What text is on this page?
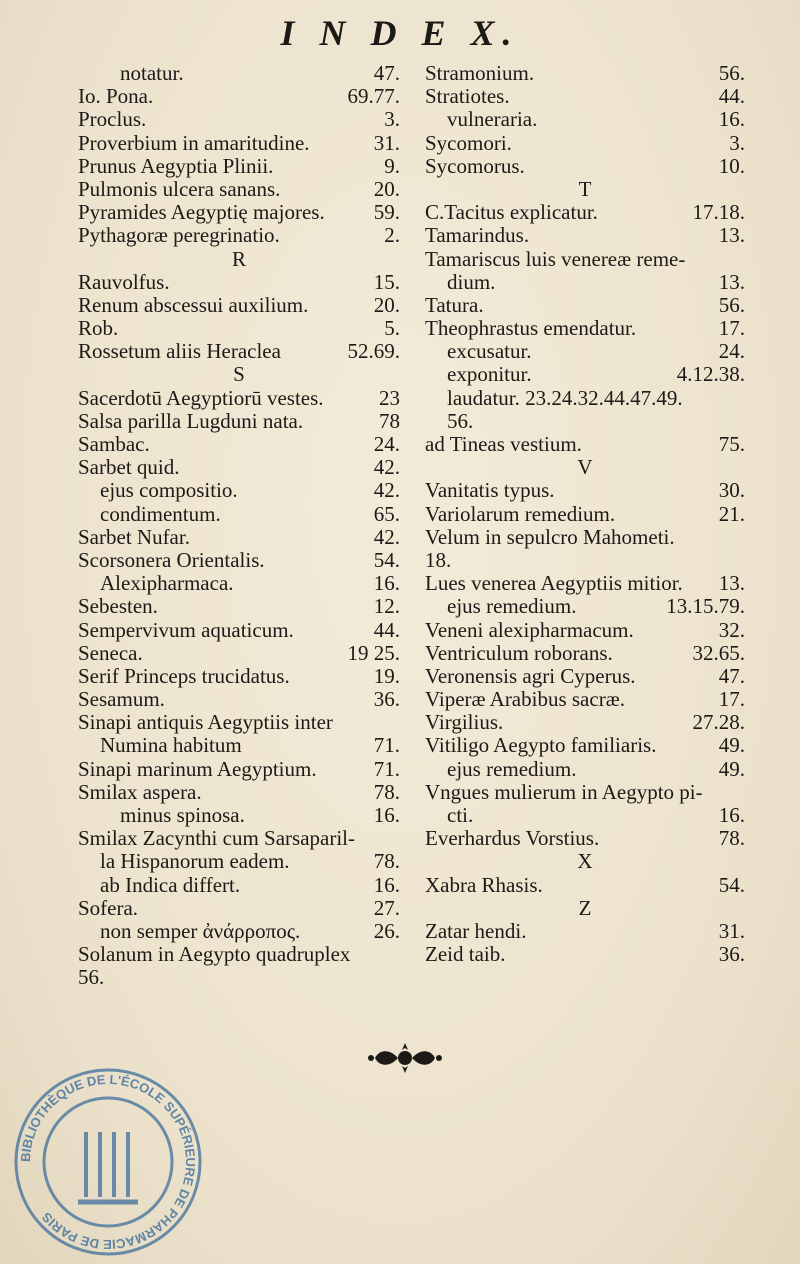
I N D E X.
notatur.	47.
Io. Pona.	69.77.
Proclus.	3.
Proverbium in amaritudine.	31.
Prunus Aegyptia Plinii.	9.
Pulmonis ulcera sanans.	20.
Pyramides Aegyptię majores. 59.
Pythagoræ peregrinatio.	2.
R
Rauvolfus.	15.
Renum abscessui auxilium.	20.
Rob.	5.
Rossetum aliis Heraclea	52.69.
S
Sacerdotū Aegyptiorū vestes.	23
Salsa parilla Lugduni nata.	78
Sambac.	24.
Sarbet quid.	42.
ejus compositio.	42.
condimentum.	65.
Sarbet Nufar.	42.
Scorsonera Orientalis.	54.
Alexipharmaca.	16.
Sebesten.	12.
Sempervivum aquaticum.	44.
Seneca.	19 25.
Serif Princeps trucidatus.	19.
Sesamum.	36.
Sinapi antiquis Aegyptiis inter
Numina habitum	71.
Sinapi marinum Aegyptium.	71.
Smilax aspera.	78.
minus spinosa.	16.
Smilax Zacynthi cum Sarsaparil-
la Hispanorum eadem.	78.
ab Indica differt.	16.
Sofera.	27.
non semper ἀνάρροπος.	26.
Solanum in Aegypto quadruplex
56.
Stramonium.	56.
Stratiotes.	44.
vulneraria.	16.
Sycomori.	3.
Sycomorus.	10.
T
C.Tacitus explicatur.	17.18.
Tamarindus.	13.
Tamariscus luis venereæ reme-
dium.	13.
Tatura.	56.
Theophrastus emendatur.	17.
excusatur.	24.
exponitur.	4.12.38.
laudatur. 23.24.32.44.47.49.
56.
ad Tineas vestium.	75.
V
Vanitatis typus.	30.
Variolarum remedium.	21.
Velum in sepulcro Mahometi.
18.
Lues venerea Aegyptiis mitior. 13.
ejus remedium.	13.15.79.
Veneni alexipharmacum.	32.
Ventriculum roborans.	32.65.
Veronensis agri Cyperus.	47.
Viperæ Arabibus sacræ.	17.
Virgilius.	27.28.
Vitiligo Aegypto familiaris.	49.
ejus remedium.	49.
Vngues mulierum in Aegypto pi-
cti.	16.
Everhardus Vorstius.	78.
X
Xabra Rhasis.	54.
Z
Zatar hendi.	31.
Zeid taib.	36.
BIBLIOTHÈQUE DE L'ÉCOLE SUPÉRIEURE DE PHARMACIE DE PARIS
